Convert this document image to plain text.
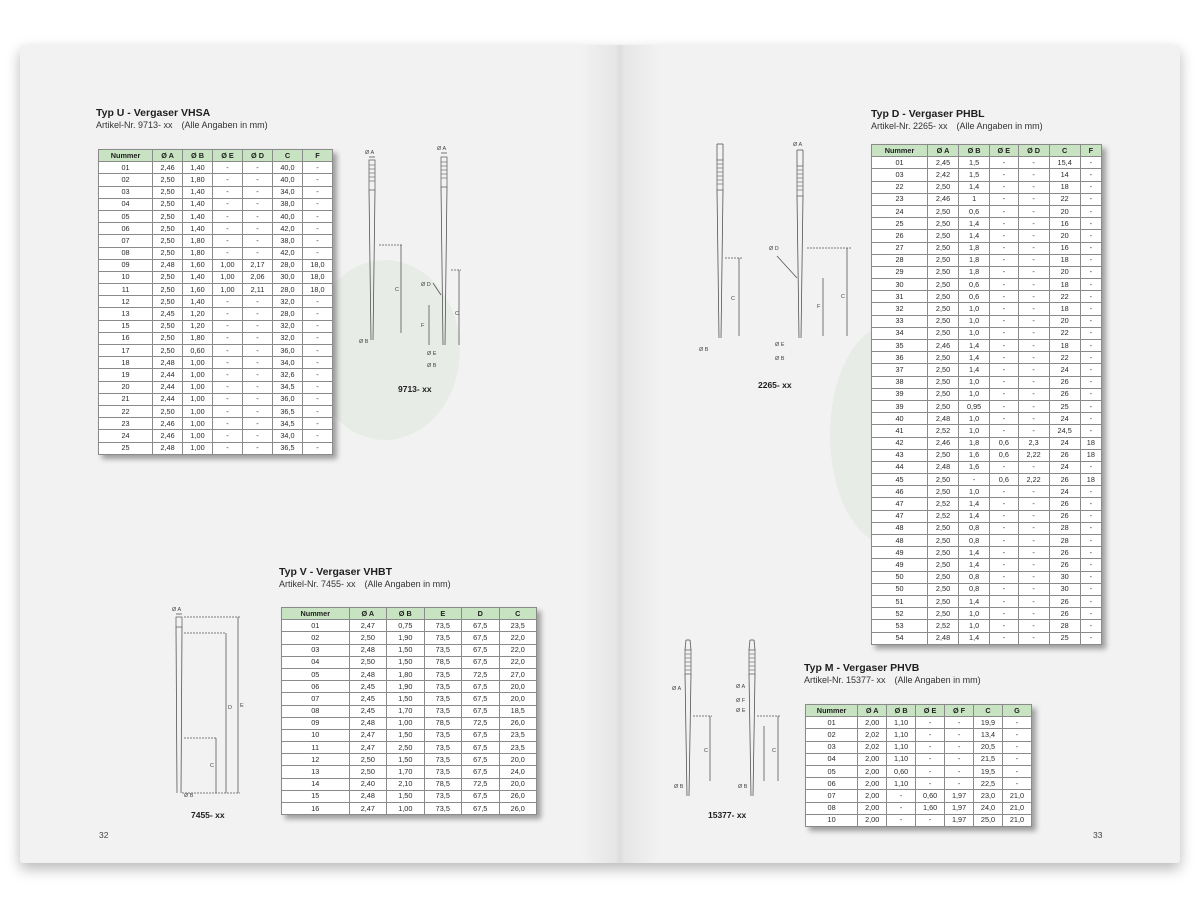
Typ U - Vergaser VHSA
Artikel-Nr. 9713- xx (Alle Angaben in mm)
Nummer	Ø A	Ø B	Ø E	Ø D	C	F
01	2,46	1,40	-	-	40,0	-
02	2,50	1,80	-	-	40,0	-
03	2,50	1,40	-	-	34,0	-
04	2,50	1,40	-	-	38,0	-
05	2,50	1,40	-	-	40,0	-
06	2,50	1,40	-	-	42,0	-
07	2,50	1,80	-	-	38,0	-
08	2,50	1,80	-	-	42,0	-
09	2,48	1,60	1,00	2,17	28,0	18,0
10	2,50	1,40	1,00	2,06	30,0	18,0
11	2,50	1,60	1,00	2,11	28,0	18,0
12	2,50	1,40	-	-	32,0	-
13	2,45	1,20	-	-	28,0	-
15	2,50	1,20	-	-	32,0	-
16	2,50	1,80	-	-	32,0	-
17	2,50	0,60	-	-	36,0	-
18	2,48	1,00	-	-	34,0	-
19	2,44	1,00	-	-	32,6	-
20	2,44	1,00	-	-	34,5	-
21	2,44	1,00	-	-	36,0	-
22	2,50	1,00	-	-	36,5	-
23	2,46	1,00	-	-	34,5	-
24	2,46	1,00	-	-	34,0	-
25	2,48	1,00	-	-	36,5	-
Ø A
C
Ø B
Ø A
Ø D
C
F
Ø E
Ø B
9713- xx
Typ V - Vergaser VHBT
Artikel-Nr. 7455- xx (Alle Angaben in mm)
Nummer	Ø A	Ø B	E	D	C
01	2,47	0,75	73,5	67,5	23,5
02	2,50	1,90	73,5	67,5	22,0
03	2,48	1,50	73,5	67,5	22,0
04	2,50	1,50	78,5	67,5	22,0
05	2,48	1,80	73,5	72,5	27,0
06	2,45	1,90	73,5	67,5	20,0
07	2,45	1,50	73,5	67,5	20,0
08	2,45	1,70	73,5	67,5	18,5
09	2,48	1,00	78,5	72,5	26,0
10	2,47	1,50	73,5	67,5	23,5
11	2,47	2,50	73,5	67,5	23,5
12	2,50	1,50	73,5	67,5	20,0
13	2,50	1,70	73,5	67,5	24,0
14	2,40	2,10	78,5	72,5	20,0
15	2,48	1,50	73,5	67,5	26,0
16	2,47	1,00	73,5	67,5	26,0
Ø A
E
D
C
Ø B
7455- xx
32
Typ D - Vergaser PHBL
Artikel-Nr. 2265- xx (Alle Angaben in mm)
Nummer	Ø A	Ø B	Ø E	Ø D	C	F
01	2,45	1,5	-	-	15,4	-
03	2,42	1,5	-	-	14	-
22	2,50	1,4	-	-	18	-
23	2,46	1	-	-	22	-
24	2,50	0,6	-	-	20	-
25	2,50	1,4	-	-	16	-
26	2,50	1,4	-	-	20	-
27	2,50	1,8	-	-	16	-
28	2,50	1,8	-	-	18	-
29	2,50	1,8	-	-	20	-
30	2,50	0,6	-	-	18	-
31	2,50	0,6	-	-	22	-
32	2,50	1,0	-	-	18	-
33	2,50	1,0	-	-	20	-
34	2,50	1,0	-	-	22	-
35	2,46	1,4	-	-	18	-
36	2,50	1,4	-	-	22	-
37	2,50	1,4	-	-	24	-
38	2,50	1,0	-	-	26	-
39	2,50	1,0	-	-	26	-
39	2,50	0,95	-	-	25	-
40	2,48	1,0	-	-	24	-
41	2,52	1,0	-	-	24,5	-
42	2,46	1,8	0,6	2,3	24	18
43	2,50	1,6	0,6	2,22	26	18
44	2,48	1,6	-	-	24	-
45	2,50	-	0,6	2,22	26	18
46	2,50	1,0	-	-	24	-
47	2,52	1,4	-	-	26	-
47	2,52	1,4	-	-	26	-
48	2,50	0,8	-	-	28	-
48	2,50	0,8	-	-	28	-
49	2,50	1,4	-	-	26	-
49	2,50	1,4	-	-	26	-
50	2,50	0,8	-	-	30	-
50	2,50	0,8	-	-	30	-
51	2,50	1,4	-	-	26	-
52	2,50	1,0	-	-	26	-
53	2,52	1,0	-	-	28	-
54	2,48	1,4	-	-	25	-
C
Ø B
Ø A
Ø D
C
F
Ø E
Ø B
2265- xx
Typ M - Vergaser PHVB
Artikel-Nr. 15377- xx (Alle Angaben in mm)
Nummer	Ø A	Ø B	Ø E	Ø F	C	G
01	2,00	1,10	-	-	19,9	-
02	2,02	1,10	-	-	13,4	-
03	2,02	1,10	-	-	20,5	-
04	2,00	1,10	-	-	21,5	-
05	2,00	0,60	-	-	19,5	-
06	2,00	1,10	-	-	22,5	-
07	2,00	-	0,60	1,97	23,0	21,0
08	2,00	-	1,60	1,97	24,0	21,0
10	2,00	-	-	1,97	25,0	21,0
Ø A
C
Ø B
Ø A
Ø F
Ø E
C
Ø B
15377- xx
33
